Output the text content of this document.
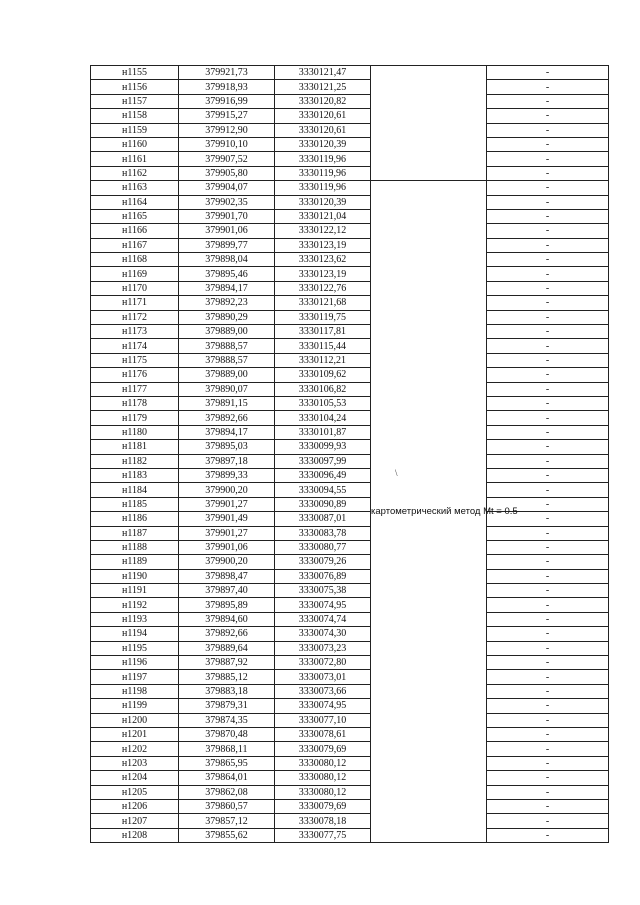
н1155	379921,73	3330121,47		-
н1156	379918,93	3330121,25		-
н1157	379916,99	3330120,82		-
н1158	379915,27	3330120,61		-
н1159	379912,90	3330120,61		-
н1160	379910,10	3330120,39		-
н1161	379907,52	3330119,96		-
н1162	379905,80	3330119,96		-
н1163	379904,07	3330119,96	картометрический метод Mt = 0.5	-
н1164	379902,35	3330120,39		-
н1165	379901,70	3330121,04		-
н1166	379901,06	3330122,12		-
н1167	379899,77	3330123,19		-
н1168	379898,04	3330123,62		-
н1169	379895,46	3330123,19		-
н1170	379894,17	3330122,76		-
н1171	379892,23	3330121,68		-
н1172	379890,29	3330119,75		-
н1173	379889,00	3330117,81		-
н1174	379888,57	3330115,44		-
н1175	379888,57	3330112,21		-
н1176	379889,00	3330109,62		-
н1177	379890,07	3330106,82		-
н1178	379891,15	3330105,53		-
н1179	379892,66	3330104,24		-
н1180	379894,17	3330101,87		-
н1181	379895,03	3330099,93		-
н1182	379897,18	3330097,99		-
н1183	379899,33	3330096,49		-
н1184	379900,20	3330094,55		-
н1185	379901,27	3330090,89		-
н1186	379901,49	3330087,01		-
н1187	379901,27	3330083,78		-
н1188	379901,06	3330080,77		-
н1189	379900,20	3330079,26		-
н1190	379898,47	3330076,89		-
н1191	379897,40	3330075,38		-
н1192	379895,89	3330074,95		-
н1193	379894,60	3330074,74		-
н1194	379892,66	3330074,30		-
н1195	379889,64	3330073,23		-
н1196	379887,92	3330072,80		-
н1197	379885,12	3330073,01		-
н1198	379883,18	3330073,66		-
н1199	379879,31	3330074,95		-
н1200	379874,35	3330077,10		-
н1201	379870,48	3330078,61		-
н1202	379868,11	3330079,69		-
н1203	379865,95	3330080,12		-
н1204	379864,01	3330080,12		-
н1205	379862,08	3330080,12		-
н1206	379860,57	3330079,69		-
н1207	379857,12	3330078,18		-
н1208	379855,62	3330077,75		-
\
